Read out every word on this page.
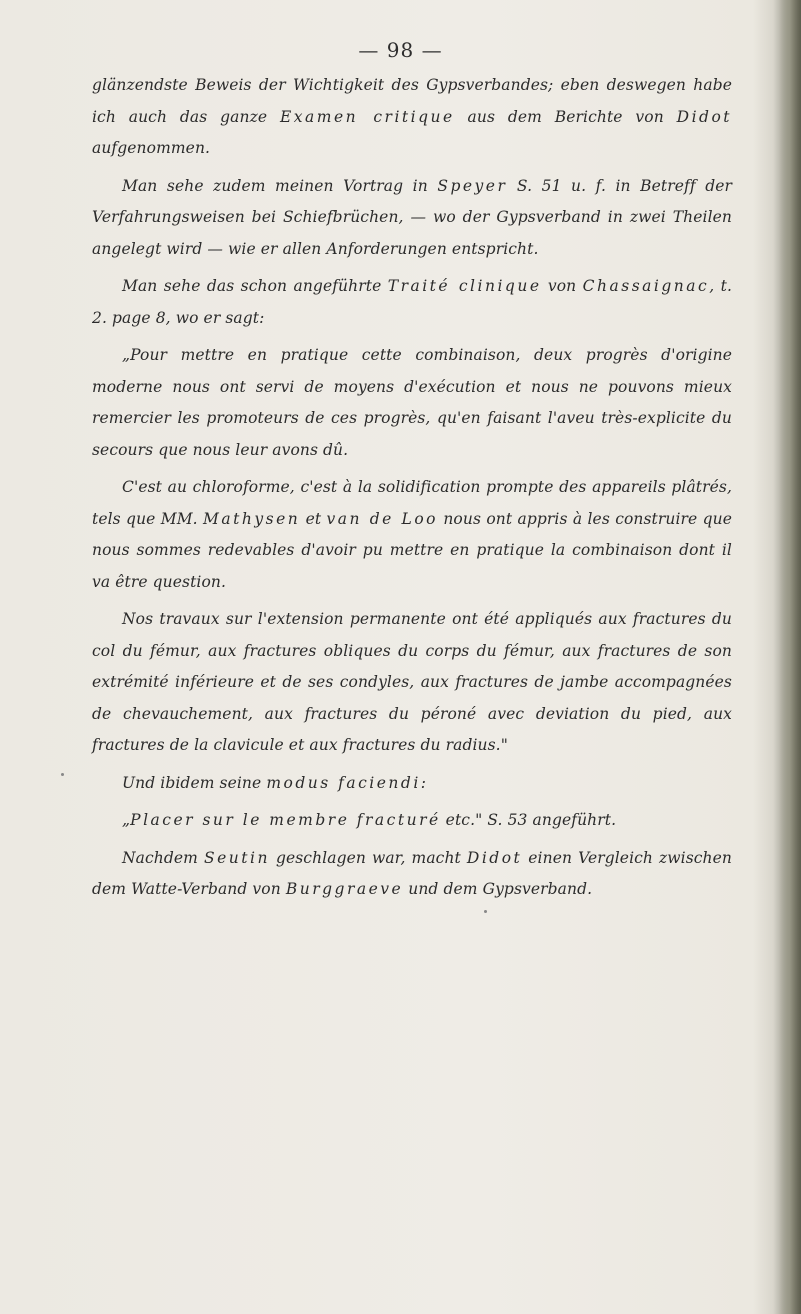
— 98 —

glänzendste Beweis der Wichtigkeit des Gypsverbandes; eben deswegen habe ich auch das ganze Examen critique aus dem Berichte von Didot aufgenommen.

Man sehe zudem meinen Vortrag in Speyer S. 51 u. f. in Betreff der Verfahrungsweisen bei Schiefbrüchen, — wo der Gypsverband in zwei Theilen angelegt wird — wie er allen Anforderungen entspricht.

Man sehe das schon angeführte Traité clinique von Chassaignac, t. 2. page 8, wo er sagt:

„Pour mettre en pratique cette combinaison, deux progrès d'origine moderne nous ont servi de moyens d'exécution et nous ne pouvons mieux remercier les promoteurs de ces progrès, qu'en faisant l'aveu très-explicite du secours que nous leur avons dû.

C'est au chloroforme, c'est à la solidification prompte des appareils plâtrés, tels que MM. Mathysen et van de Loo nous ont appris à les construire que nous sommes redevables d'avoir pu mettre en pratique la combinaison dont il va être question.

Nos travaux sur l'extension permanente ont été appliqués aux fractures du col du fémur, aux fractures obliques du corps du fémur, aux fractures de son extrémité inférieure et de ses condyles, aux fractures de jambe accompagnées de chevauchement, aux fractures du péroné avec deviation du pied, aux fractures de la clavicule et aux fractures du radius."

Und ibidem seine modus faciendi:

„Placer sur le membre fracturé etc." S. 53 angeführt.

Nachdem Seutin geschlagen war, macht Didot einen Vergleich zwischen dem Watte-Verband von Burggraeve und dem Gypsverband.
